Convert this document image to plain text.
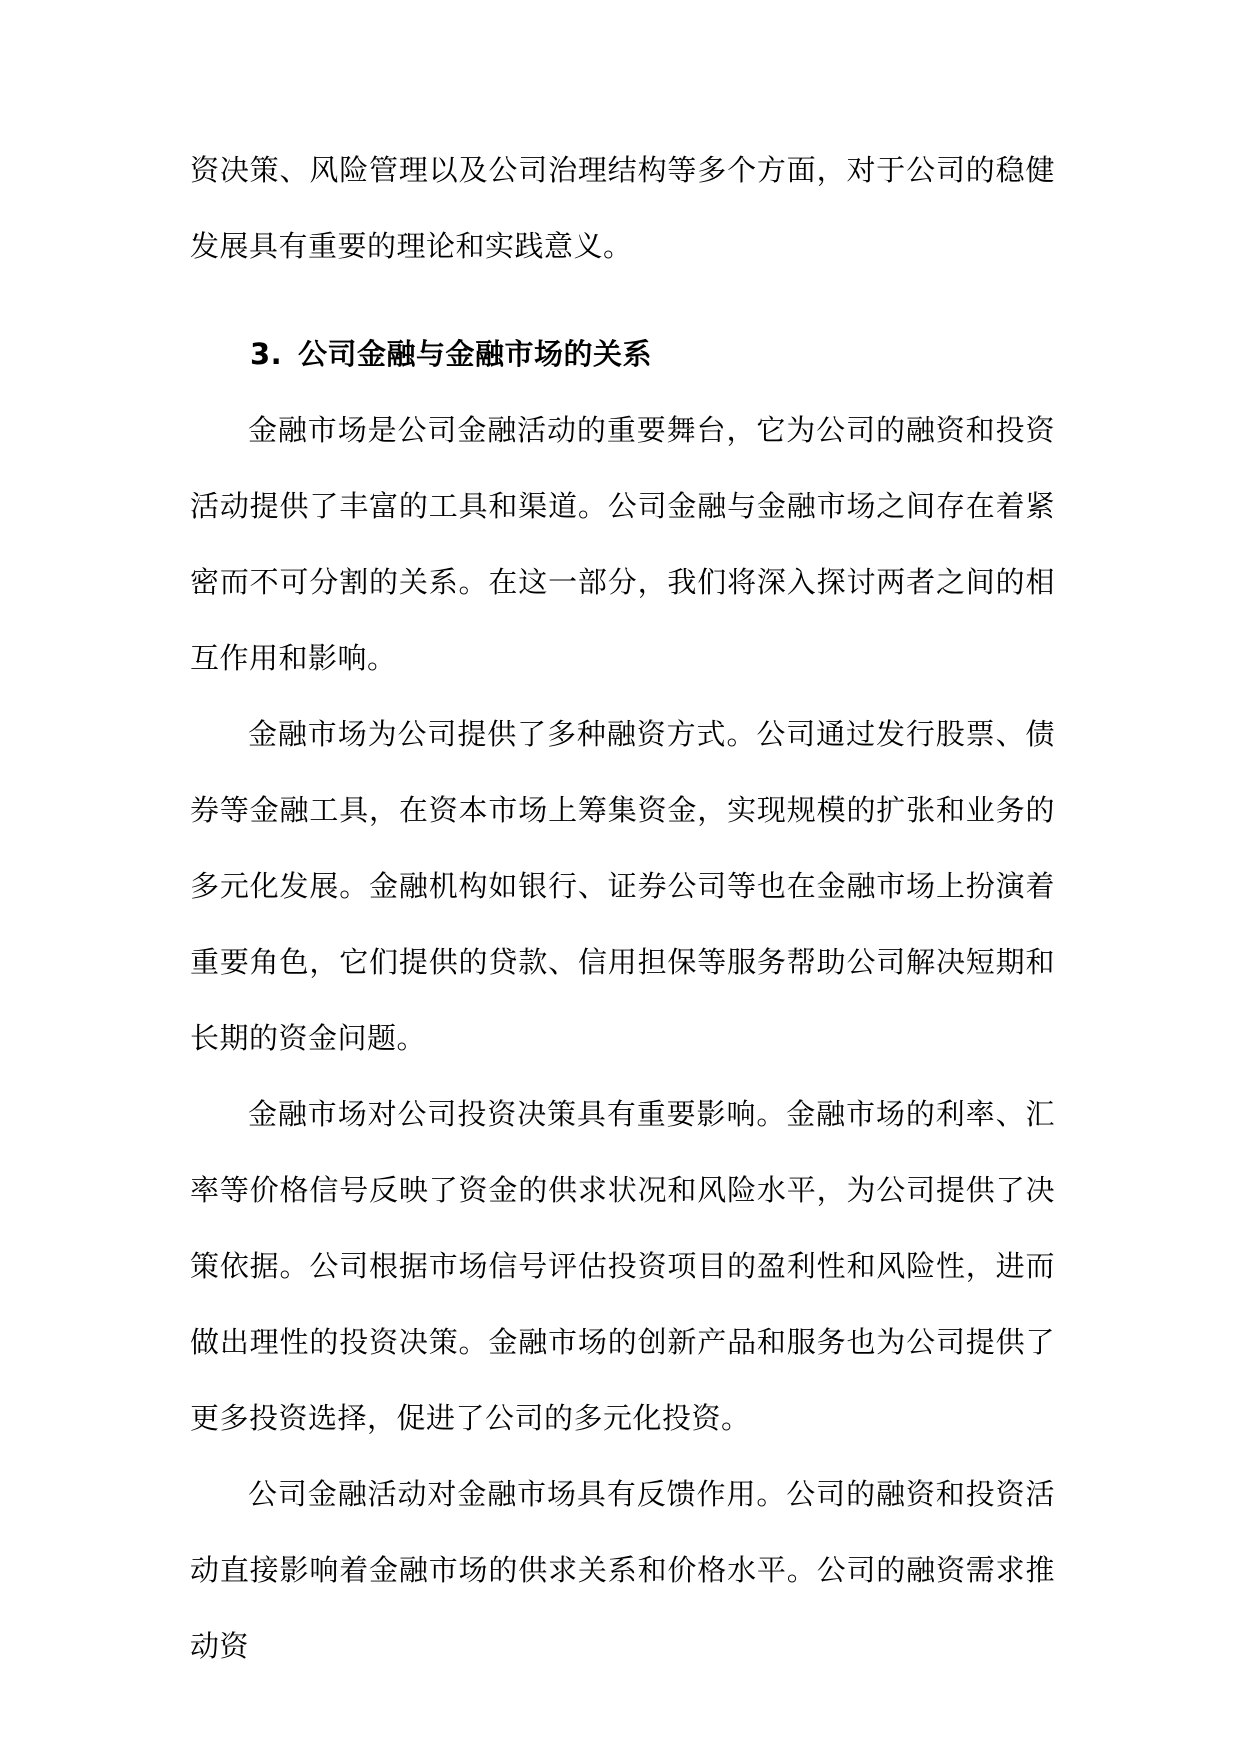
资决策、风险管理以及公司治理结构等多个方面，对于公司的稳健发展具有重要的理论和实践意义。

3. 公司金融与金融市场的关系

金融市场是公司金融活动的重要舞台，它为公司的融资和投资活动提供了丰富的工具和渠道。公司金融与金融市场之间存在着紧密而不可分割的关系。在这一部分，我们将深入探讨两者之间的相互作用和影响。

金融市场为公司提供了多种融资方式。公司通过发行股票、债券等金融工具，在资本市场上筹集资金，实现规模的扩张和业务的多元化发展。金融机构如银行、证券公司等也在金融市场上扮演着重要角色，它们提供的贷款、信用担保等服务帮助公司解决短期和长期的资金问题。

金融市场对公司投资决策具有重要影响。金融市场的利率、汇率等价格信号反映了资金的供求状况和风险水平，为公司提供了决策依据。公司根据市场信号评估投资项目的盈利性和风险性，进而做出理性的投资决策。金融市场的创新产品和服务也为公司提供了更多投资选择，促进了公司的多元化投资。

公司金融活动对金融市场具有反馈作用。公司的融资和投资活动直接影响着金融市场的供求关系和价格水平。公司的融资需求推动资
